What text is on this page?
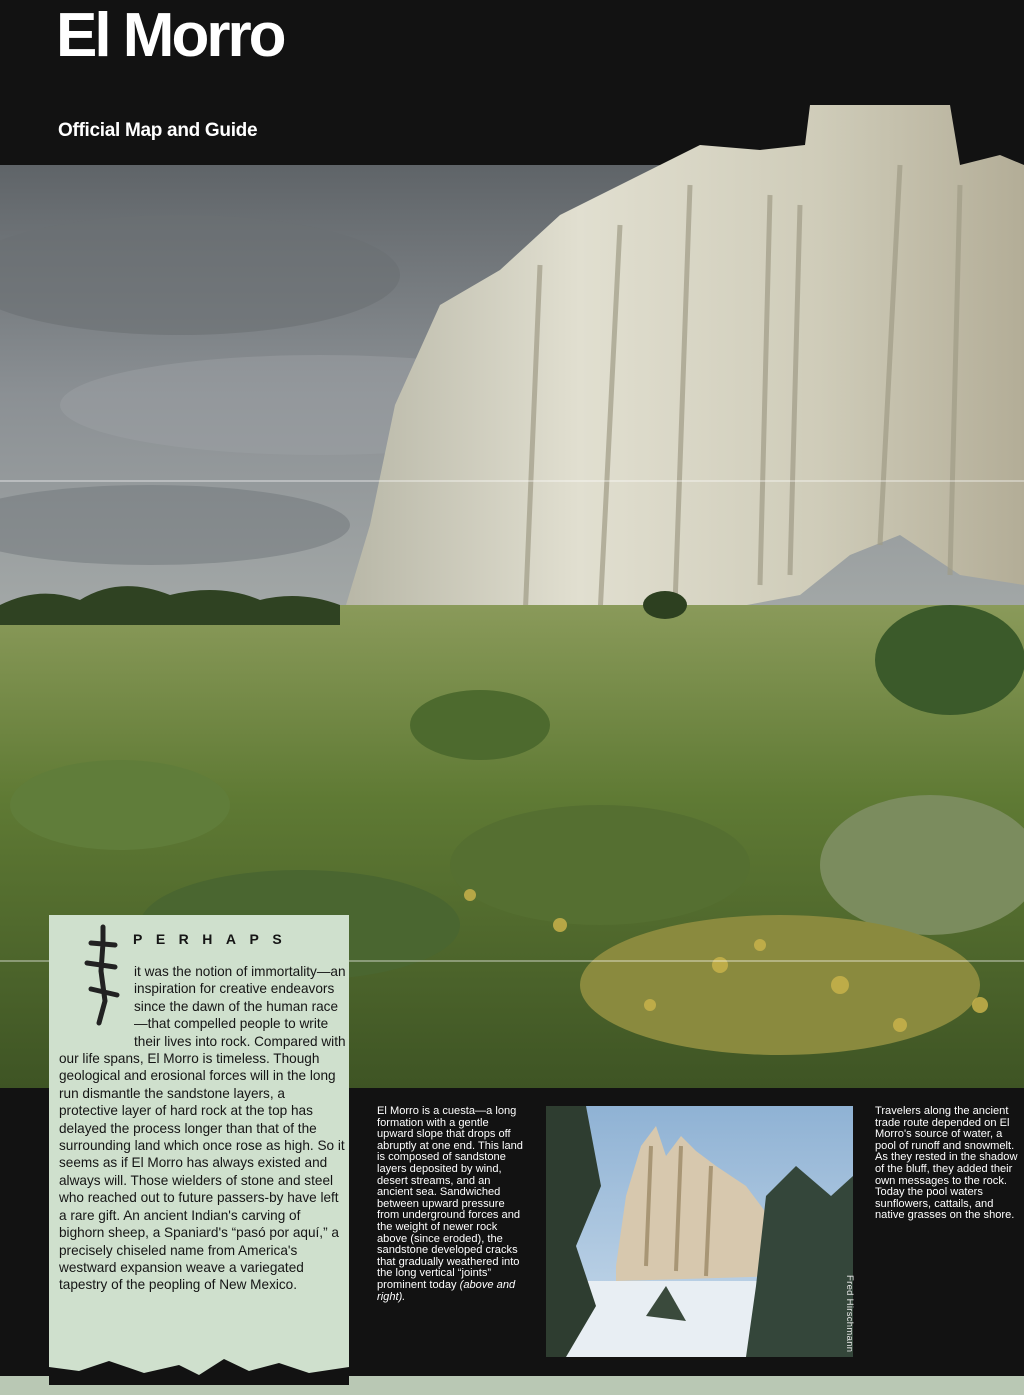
El Morro
Official Map and Guide
PERHAPS
it was the notion of immortality—an inspiration for creative endeavors since the dawn of the human race—that compelled people to write their lives into rock. Compared with our life spans, El Morro is timeless. Though geological and erosional forces will in the long run dismantle the sandstone layers, a protective layer of hard rock at the top has delayed the process longer than that of the surrounding land which once rose as high. So it seems as if El Morro has always existed and always will. Those wielders of stone and steel who reached out to future passers-by have left a rare gift. An ancient Indian's carving of bighorn sheep, a Spaniard's “pasó por aquí,” a precisely chiseled name from America's westward expansion weave a variegated tapestry of the peopling of New Mexico.
El Morro is a cuesta—a long formation with a gentle upward slope that drops off abruptly at one end. This land is composed of sandstone layers deposited by wind, desert streams, and an ancient sea. Sandwiched between upward pressure from underground forces and the weight of newer rock above (since eroded), the sandstone developed cracks that gradually weathered into the long vertical “joints” prominent today (above and right).	Fred Hirschmann
Travelers along the ancient trade route depended on El Morro's source of water, a pool of runoff and snowmelt. As they rested in the shadow of the bluff, they added their own messages to the rock. Today the pool waters sunflowers, cattails, and native grasses on the shore.
